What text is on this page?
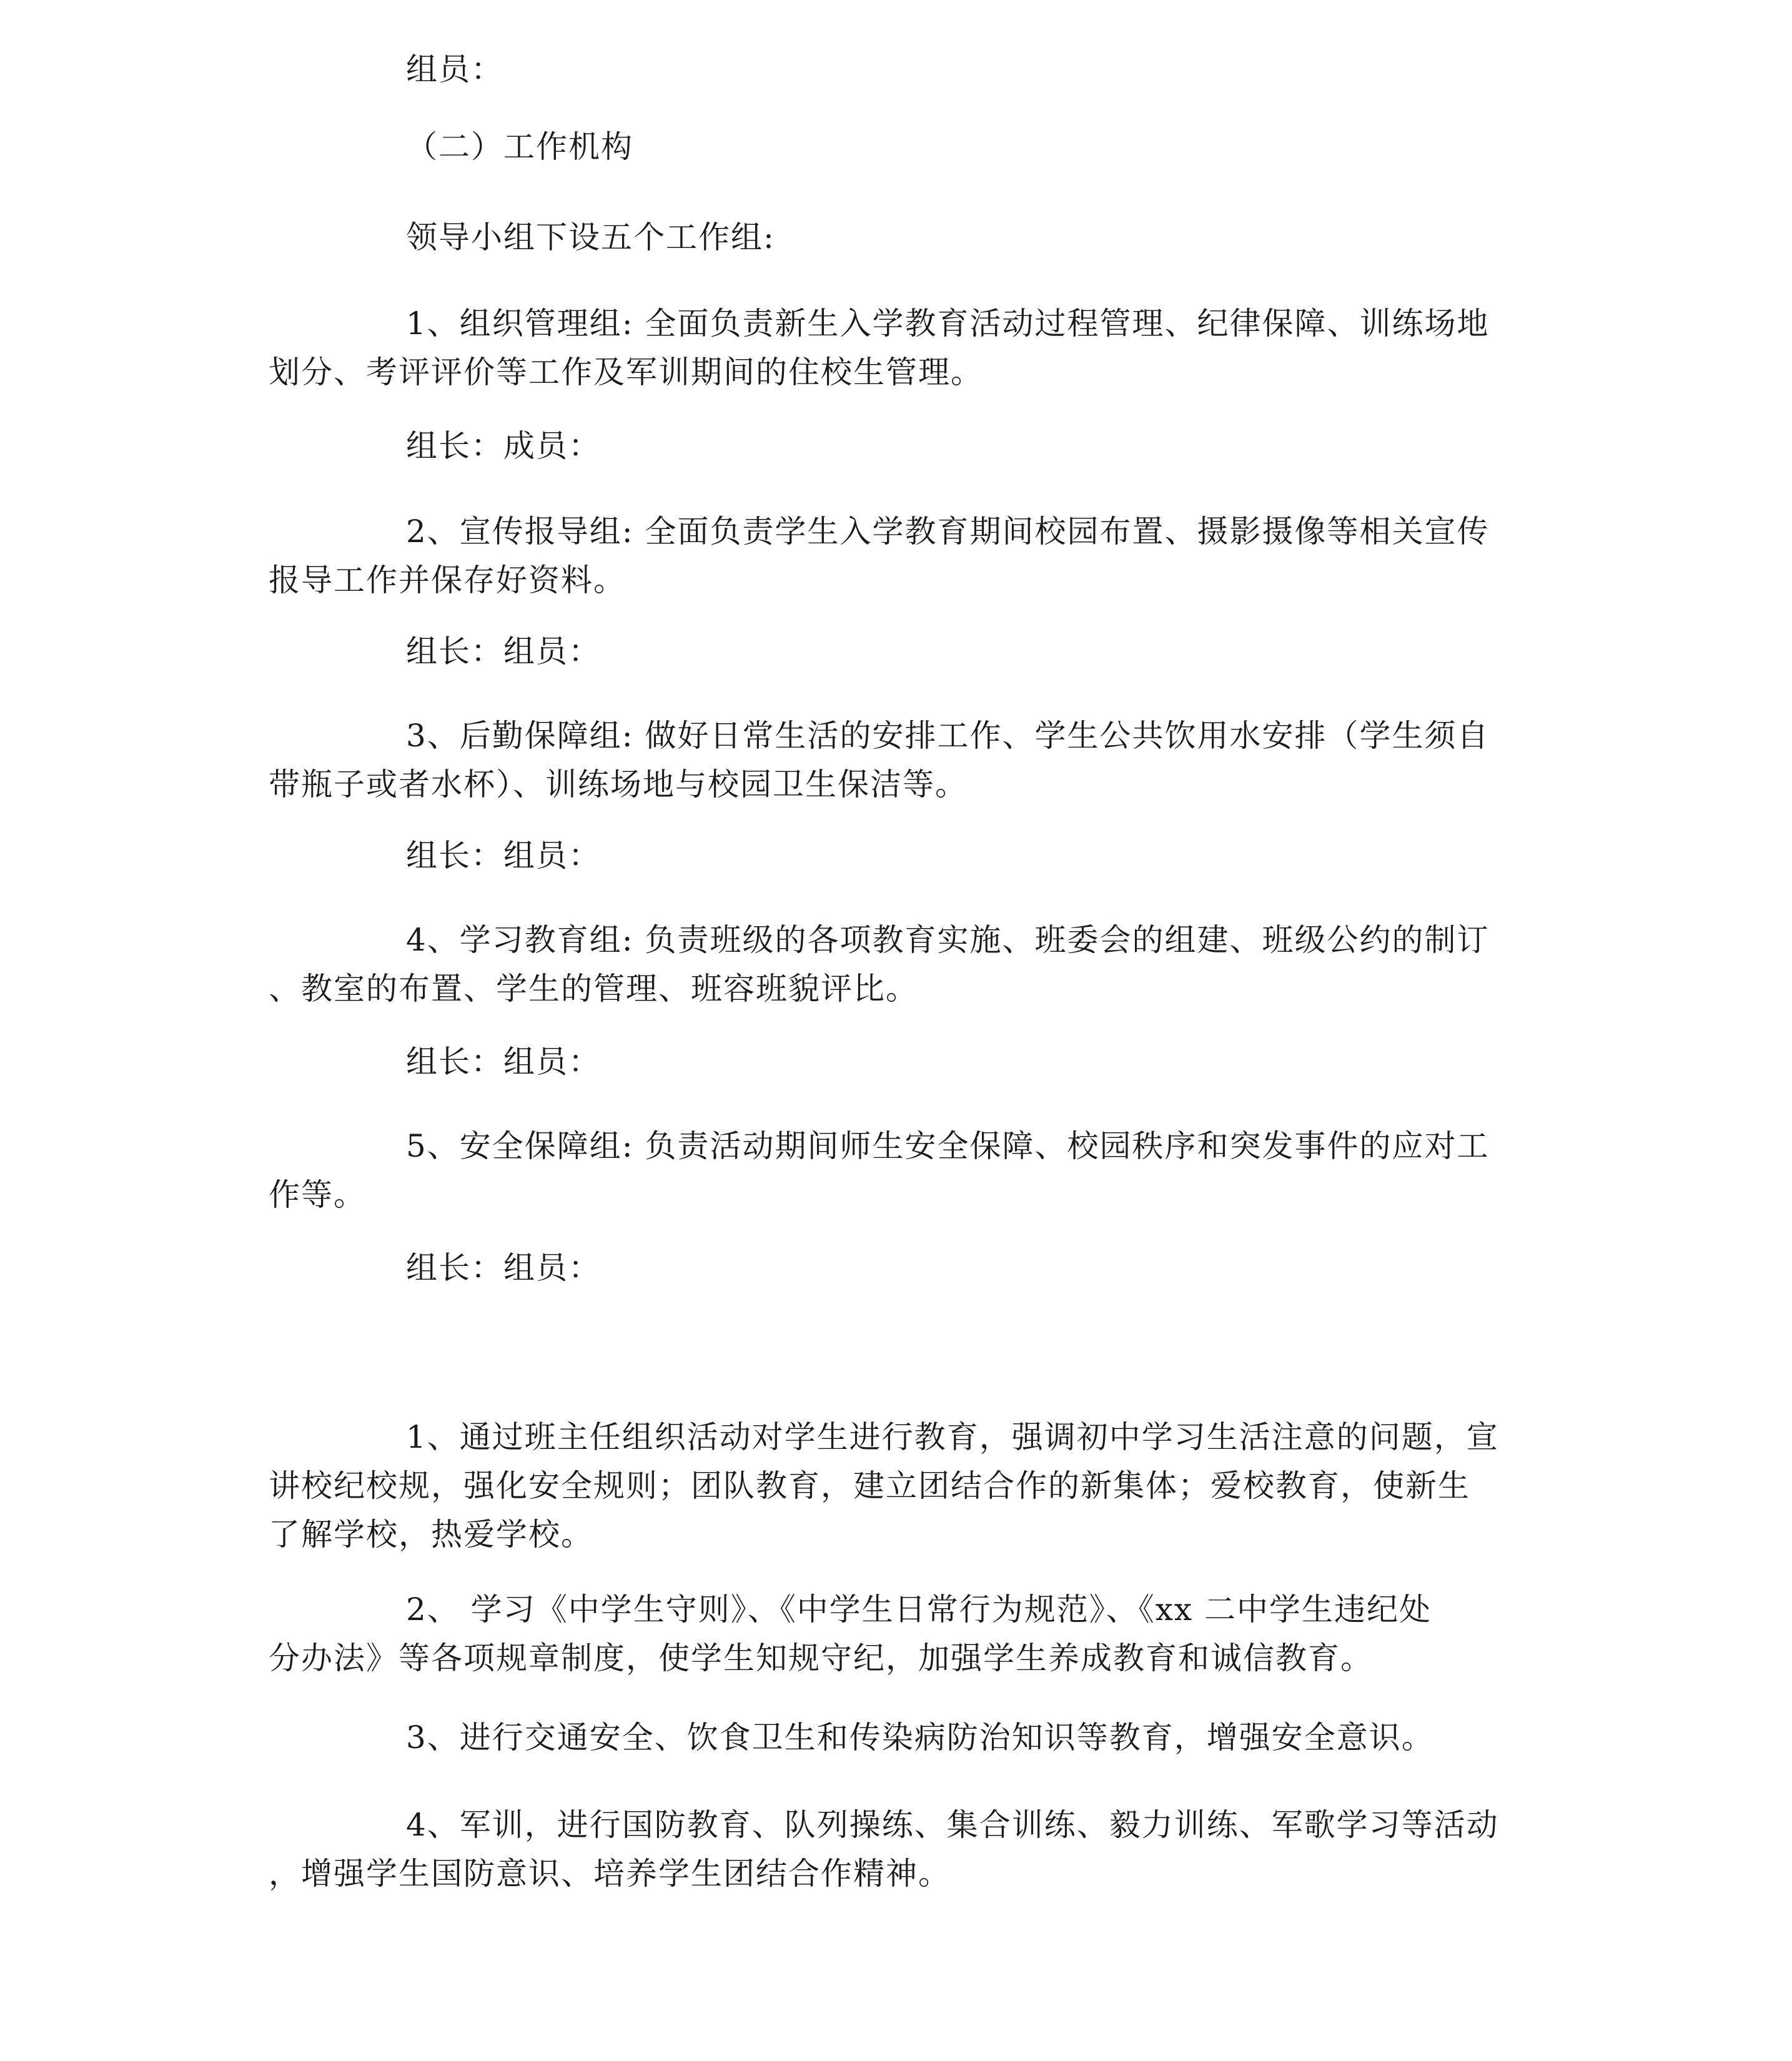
组员：
（二）工作机构
领导小组下设五个工作组:
1、组织管理组: 全面负责新生入学教育活动过程管理、纪律保障、训练场地
划分、考评评价等工作及军训期间的住校生管理。
组长：成员：
2、宣传报导组: 全面负责学生入学教育期间校园布置、摄影摄像等相关宣传
报导工作并保存好资料。
组长：组员：
3、后勤保障组: 做好日常生活的安排工作、学生公共饮用水安排（学生须自
带瓶子或者水杯）、训练场地与校园卫生保洁等。
组长：组员：
4、学习教育组: 负责班级的各项教育实施、班委会的组建、班级公约的制订
、教室的布置、学生的管理、班容班貌评比。
组长：组员：
5、安全保障组: 负责活动期间师生安全保障、校园秩序和突发事件的应对工
作等。
组长：组员：
1、通过班主任组织活动对学生进行教育，强调初中学习生活注意的问题，宣
讲校纪校规，强化安全规则；团队教育，建立团结合作的新集体；爱校教育，使新生
了解学校，热爱学校。
2、 学习《中学生守则》、《中学生日常行为规范》、《xx 二中学生违纪处
分办法》等各项规章制度，使学生知规守纪，加强学生养成教育和诚信教育。
3、进行交通安全、饮食卫生和传染病防治知识等教育，增强安全意识。
4、军训，进行国防教育、队列操练、集合训练、毅力训练、军歌学习等活动
，增强学生国防意识、培养学生团结合作精神。
